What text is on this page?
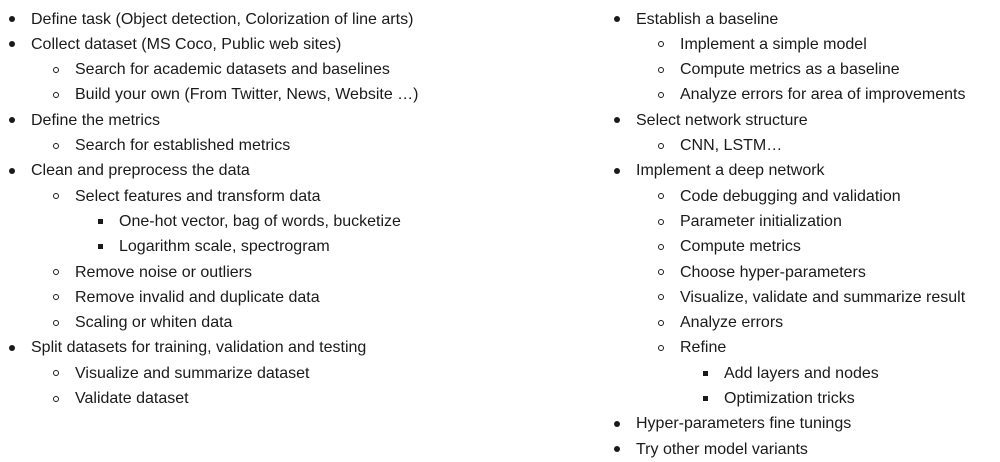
Define task (Object detection, Colorization of line arts)
Collect dataset (MS Coco, Public web sites)
Search for academic datasets and baselines
Build your own (From Twitter, News, Website …)
Define the metrics
Search for established metrics
Clean and preprocess the data
Select features and transform data
One-hot vector, bag of words, bucketize
Logarithm scale, spectrogram
Remove noise or outliers
Remove invalid and duplicate data
Scaling or whiten data
Split datasets for training, validation and testing
Visualize and summarize dataset
Validate dataset
Establish a baseline
Implement a simple model
Compute metrics as a baseline
Analyze errors for area of improvements
Select network structure
CNN, LSTM…
Implement a deep network
Code debugging and validation
Parameter initialization
Compute metrics
Choose hyper-parameters
Visualize, validate and summarize result
Analyze errors
Refine
Add layers and nodes
Optimization tricks
Hyper-parameters fine tunings
Try other model variants
